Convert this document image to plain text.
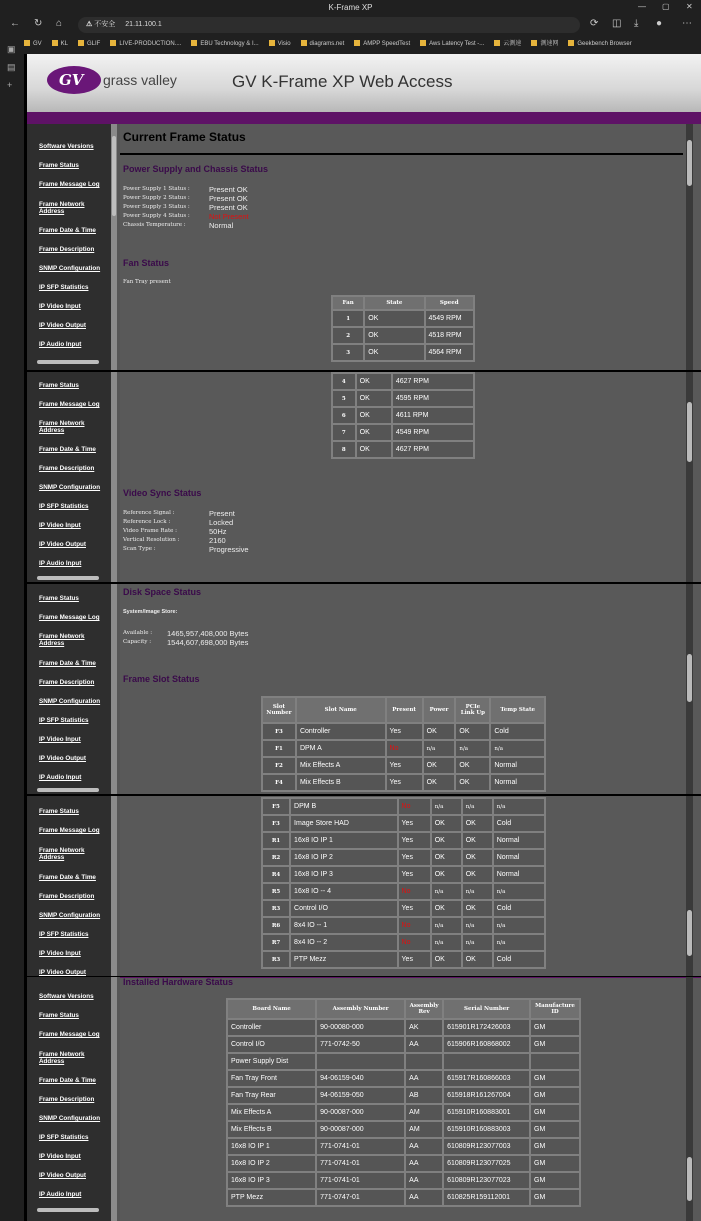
K-Frame XP	— ▢ ✕
← ↻ ⌂	⚠ 不安全 21.11.100.1	⟳ ◫ ⤓ ● ⋯
GV	KL	GLIF	LIVE-PRODUCTION....	EBU Technology & I...	Visio	diagrams.net	AMPP SpeedTest	Aws Latency Test -...	云测速	测速网	Geekbench Browser
▣
▤
+	GV grass valley	GV K-Frame XP Web Access
Software Versions
Frame Status
Frame Message Log
Frame Network
Address
Frame Date & Time
Frame Description
SNMP Configuration
IP SFP Statistics
IP Video Input
IP Video Output
IP Audio Input
Current Frame Status
Power Supply and Chassis Status
Power Supply 1 Status :	Present OK
Power Supply 2 Status :	Present OK
Power Supply 3 Status :	Present OK
Power Supply 4 Status :	Not Present
Chassis Temperature :	Normal
Fan Status
Fan Tray present
Fan	State	Speed
1	OK	4549 RPM
2	OK	4518 RPM
3	OK	4564 RPM
Frame Status
Frame Message Log
Frame Network
Address
Frame Date & Time
Frame Description
SNMP Configuration
IP SFP Statistics
IP Video Input
IP Video Output
IP Audio Input
4	OK	4627 RPM
5	OK	4595 RPM
6	OK	4611 RPM
7	OK	4549 RPM
8	OK	4627 RPM
Video Sync Status
Reference Signal :	Present
Reference Lock :	Locked
Video Frame Rate :	50Hz
Vertical Resolution :	2160
Scan Type :	Progressive
Frame Status
Frame Message Log
Frame Network
Address
Frame Date & Time
Frame Description
SNMP Configuration
IP SFP Statistics
IP Video Input
IP Video Output
IP Audio Input
Disk Space Status
System/Image Store:
Available : 1465,957,408,000 Bytes
Capacity : 1544,607,698,000 Bytes
Frame Slot Status
Slot Number	Slot Name	Present	Power	PCIe Link Up	Temp State
F3	Controller	Yes	OK	OK	Cold
F1	DPM A	No	n/a	n/a	n/a
F2	Mix Effects A	Yes	OK	OK	Normal
F4	Mix Effects B	Yes	OK	OK	Normal
Frame Status
Frame Message Log
Frame Network
Address
Frame Date & Time
Frame Description
SNMP Configuration
IP SFP Statistics
IP Video Input
IP Video Output
F5	DPM B	No	n/a	n/a	n/a
F3	Image Store HAD	Yes	OK	OK	Cold
R1	16x8 IO IP 1	Yes	OK	OK	Normal
R2	16x8 IO IP 2	Yes	OK	OK	Normal
R4	16x8 IO IP 3	Yes	OK	OK	Normal
R5	16x8 IO -- 4	No	n/a	n/a	n/a
R3	Control I/O	Yes	OK	OK	Cold
R6	8x4 IO -- 1	No	n/a	n/a	n/a
R7	8x4 IO -- 2	No	n/a	n/a	n/a
R3	PTP Mezz	Yes	OK	OK	Cold
Software Versions
Frame Status
Frame Message Log
Frame Network
Address
Frame Date & Time
Frame Description
SNMP Configuration
IP SFP Statistics
IP Video Input
IP Video Output
IP Audio Input
Installed Hardware Status
Board Name	Assembly Number	Assembly Rev	Serial Number	Manufacture ID
Controller	90-00080-000	AK	615901R172426003	GM
Control I/O	771-0742-50	AA	615906R160868002	GM
Power Supply Dist				
Fan Tray Front	94-06159-040	AA	615917R160866003	GM
Fan Tray Rear	94-06159-050	AB	615918R161267004	GM
Mix Effects A	90-00087-000	AM	615910R160883001	GM
Mix Effects B	90-00087-000	AM	615910R160883003	GM
16x8 IO IP 1	771-0741-01	AA	610809R123077003	GM
16x8 IO IP 2	771-0741-01	AA	610809R123077025	GM
16x8 IO IP 3	771-0741-01	AA	610809R123077023	GM
PTP Mezz	771-0747-01	AA	610825R159112001	GM
